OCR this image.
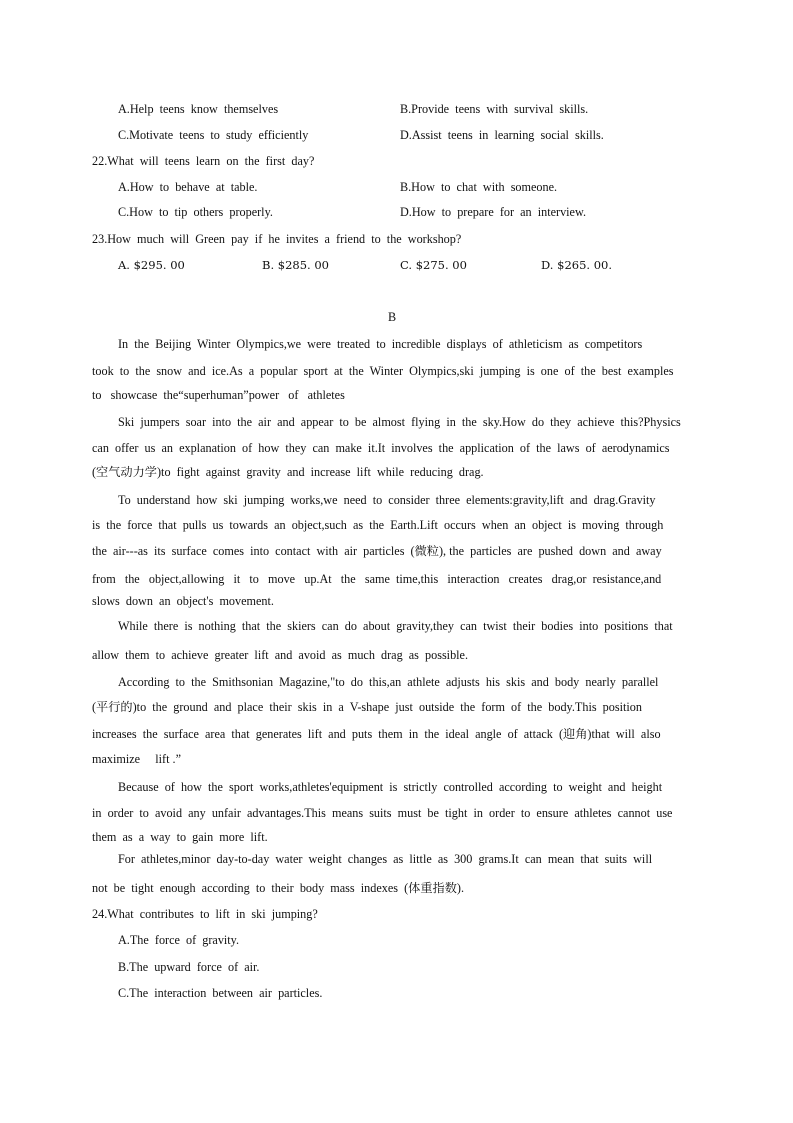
A.Help  teens  know  themselves	B.Provide  teens  with  survival  skills.
C.Motivate  teens  to  study  efficiently	D.Assist  teens  in  learning  social  skills.
22.What  will  teens  learn  on  the  first  day?
A.How  to  behave  at  table.	B.How  to  chat  with  someone.
C.How  to  tip  others  properly.	D.How  to  prepare  for  an  interview.
23.How  much  will  Green  pay  if  he  invites  a  friend  to  the  workshop?
A. $295. 00	B. $285. 00	C. $275. 00	D. $265. 00.
B
In  the  Beijing  Winter  Olympics,we  were  treated  to  incredible  displays  of  athleticism  as  competitors
took  to  the  snow  and  ice.As  a  popular  sport  at  the  Winter  Olympics,ski  jumping  is  one  of  the  best  examples
to   showcase  the“superhuman”power   of   athletes
Ski  jumpers  soar  into  the  air  and  appear  to  be  almost  flying  in  the  sky.How  do  they  achieve  this?Physics
can  offer  us  an  explanation  of  how  they  can  make  it.It  involves  the  application  of  the  laws  of  aerodynamics
(空气动力学)to  fight  against  gravity  and  increase  lift  while  reducing  drag.
To  understand  how  ski  jumping  works,we  need  to  consider  three  elements:gravity,lift  and  drag.Gravity
is  the  force  that  pulls  us  towards  an  object,such  as  the  Earth.Lift  occurs  when  an  object  is  moving  through
the  air---as  its  surface  comes  into  contact  with  air  particles  (微粒), the  particles  are  pushed  down  and  away
from   the   object,allowing   it   to   move   up.At   the   same  time,this   interaction   creates   drag,or  resistance,and
slows  down  an  object's  movement.
While  there  is  nothing  that  the  skiers  can  do  about  gravity,they  can  twist  their  bodies  into  positions  that
allow  them  to  achieve  greater  lift  and  avoid  as  much  drag  as  possible.
According  to  the  Smithsonian  Magazine,"to  do  this,an  athlete  adjusts  his  skis  and  body  nearly  parallel
(平行的)to  the  ground  and  place  their  skis  in  a  V-shape  just  outside  the  form  of  the  body.This  position
increases  the  surface  area  that  generates  lift  and  puts  them  in  the  ideal  angle  of  attack  (迎角)that  will  also
maximize     lift .”
Because  of  how  the  sport  works,athletes'equipment  is  strictly  controlled  according  to  weight  and  height
in  order  to  avoid  any  unfair  advantages.This  means  suits  must  be  tight  in  order  to  ensure  athletes  cannot  use
them  as  a  way  to  gain  more  lift.
For  athletes,minor  day-to-day  water  weight  changes  as  little  as  300  grams.It  can  mean  that  suits  will
not  be  tight  enough  according  to  their  body  mass  indexes  (体重指数).
24.What  contributes  to  lift  in  ski  jumping?
A.The  force  of  gravity.
B.The  upward  force  of  air.
C.The  interaction  between  air  particles.
